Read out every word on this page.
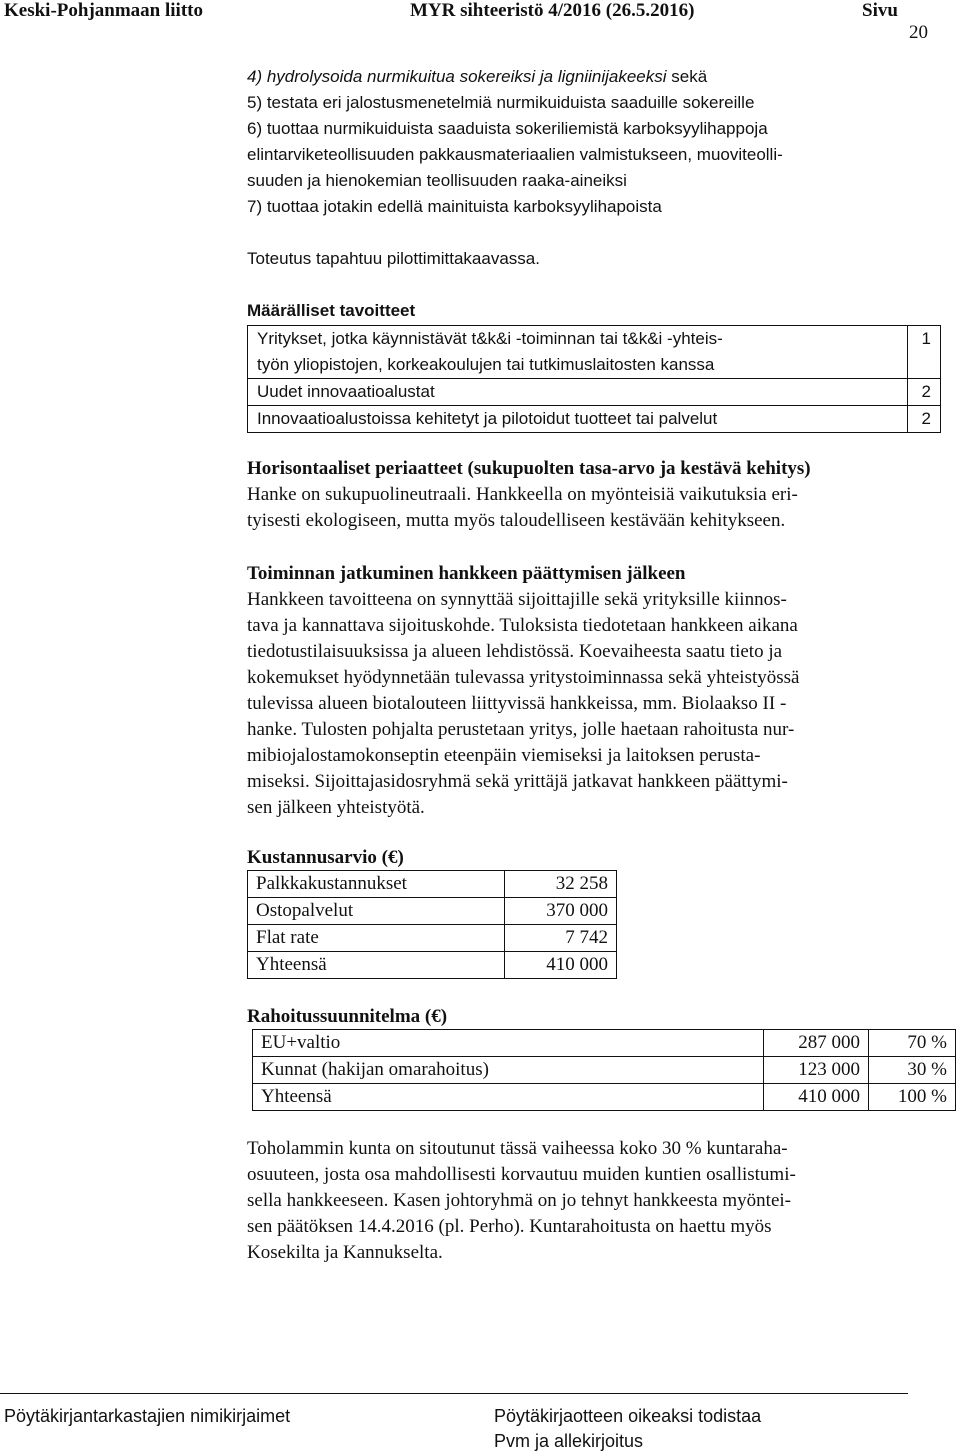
Keski-Pohjanmaan liitto	MYR sihteeristö 4/2016 (26.5.2016)	Sivu
20
4) hydrolysoida nurmikuitua sokereiksi ja ligniinijakeeksi sekä
5) testata eri jalostusmenetelmiä nurmikuiduista saaduille sokereille
6) tuottaa nurmikuiduista saaduista sokeriliemistä karboksyylihappoja
elintarviketeollisuuden pakkausmateriaalien valmistukseen, muoviteolli-
suuden ja hienokemian teollisuuden raaka-aineiksi
7) tuottaa jotakin edellä mainituista karboksyylihapoista
Toteutus tapahtuu pilottimittakaavassa.
Määrälliset tavoitteet
Yritykset, jotka käynnistävät t&k&i -toiminnan tai t&k&i -yhteis-
työn yliopistojen, korkeakoulujen tai tutkimuslaitosten kanssa	1
Uudet innovaatioalustat	2
Innovaatioalustoissa kehitetyt ja pilotoidut tuotteet tai palvelut	2
Horisontaaliset periaatteet (sukupuolten tasa-arvo ja kestävä kehitys)
Hanke on sukupuolineutraali. Hankkeella on myönteisiä vaikutuksia eri-
tyisesti ekologiseen, mutta myös taloudelliseen kestävään kehitykseen.
Toiminnan jatkuminen hankkeen päättymisen jälkeen
Hankkeen tavoitteena on synnyttää sijoittajille sekä yrityksille kiinnos-
tava ja kannattava sijoituskohde. Tuloksista tiedotetaan hankkeen aikana
tiedotustilaisuuksissa ja alueen lehdistössä. Koevaiheesta saatu tieto ja
kokemukset hyödynnetään tulevassa yritystoiminnassa sekä yhteistyössä
tulevissa alueen biotalouteen liittyvissä hankkeissa, mm. Biolaakso II -
hanke. Tulosten pohjalta perustetaan yritys, jolle haetaan rahoitusta nur-
mibiojalostamokonseptin eteenpäin viemiseksi ja laitoksen perusta-
miseksi. Sijoittajasidosryhmä sekä yrittäjä jatkavat hankkeen päättymi-
sen jälkeen yhteistyötä.
Kustannusarvio (€)
Palkkakustannukset	32 258
Ostopalvelut	370 000
Flat rate	7 742
Yhteensä	410 000
Rahoitussuunnitelma (€)
EU+valtio	287 000	70 %
Kunnat (hakijan omarahoitus)	123 000	30 %
Yhteensä	410 000	100 %
Toholammin kunta on sitoutunut tässä vaiheessa koko 30 % kuntaraha-
osuuteen, josta osa mahdollisesti korvautuu muiden kuntien osallistumi-
sella hankkeeseen. Kasen johtoryhmä on jo tehnyt hankkeesta myöntei-
sen päätöksen 14.4.2016 (pl. Perho). Kuntarahoitusta on haettu myös
Kosekilta ja Kannukselta.
Pöytäkirjantarkastajien nimikirjaimet	Pöytäkirjaotteen oikeaksi todistaa
Pvm ja allekirjoitus
